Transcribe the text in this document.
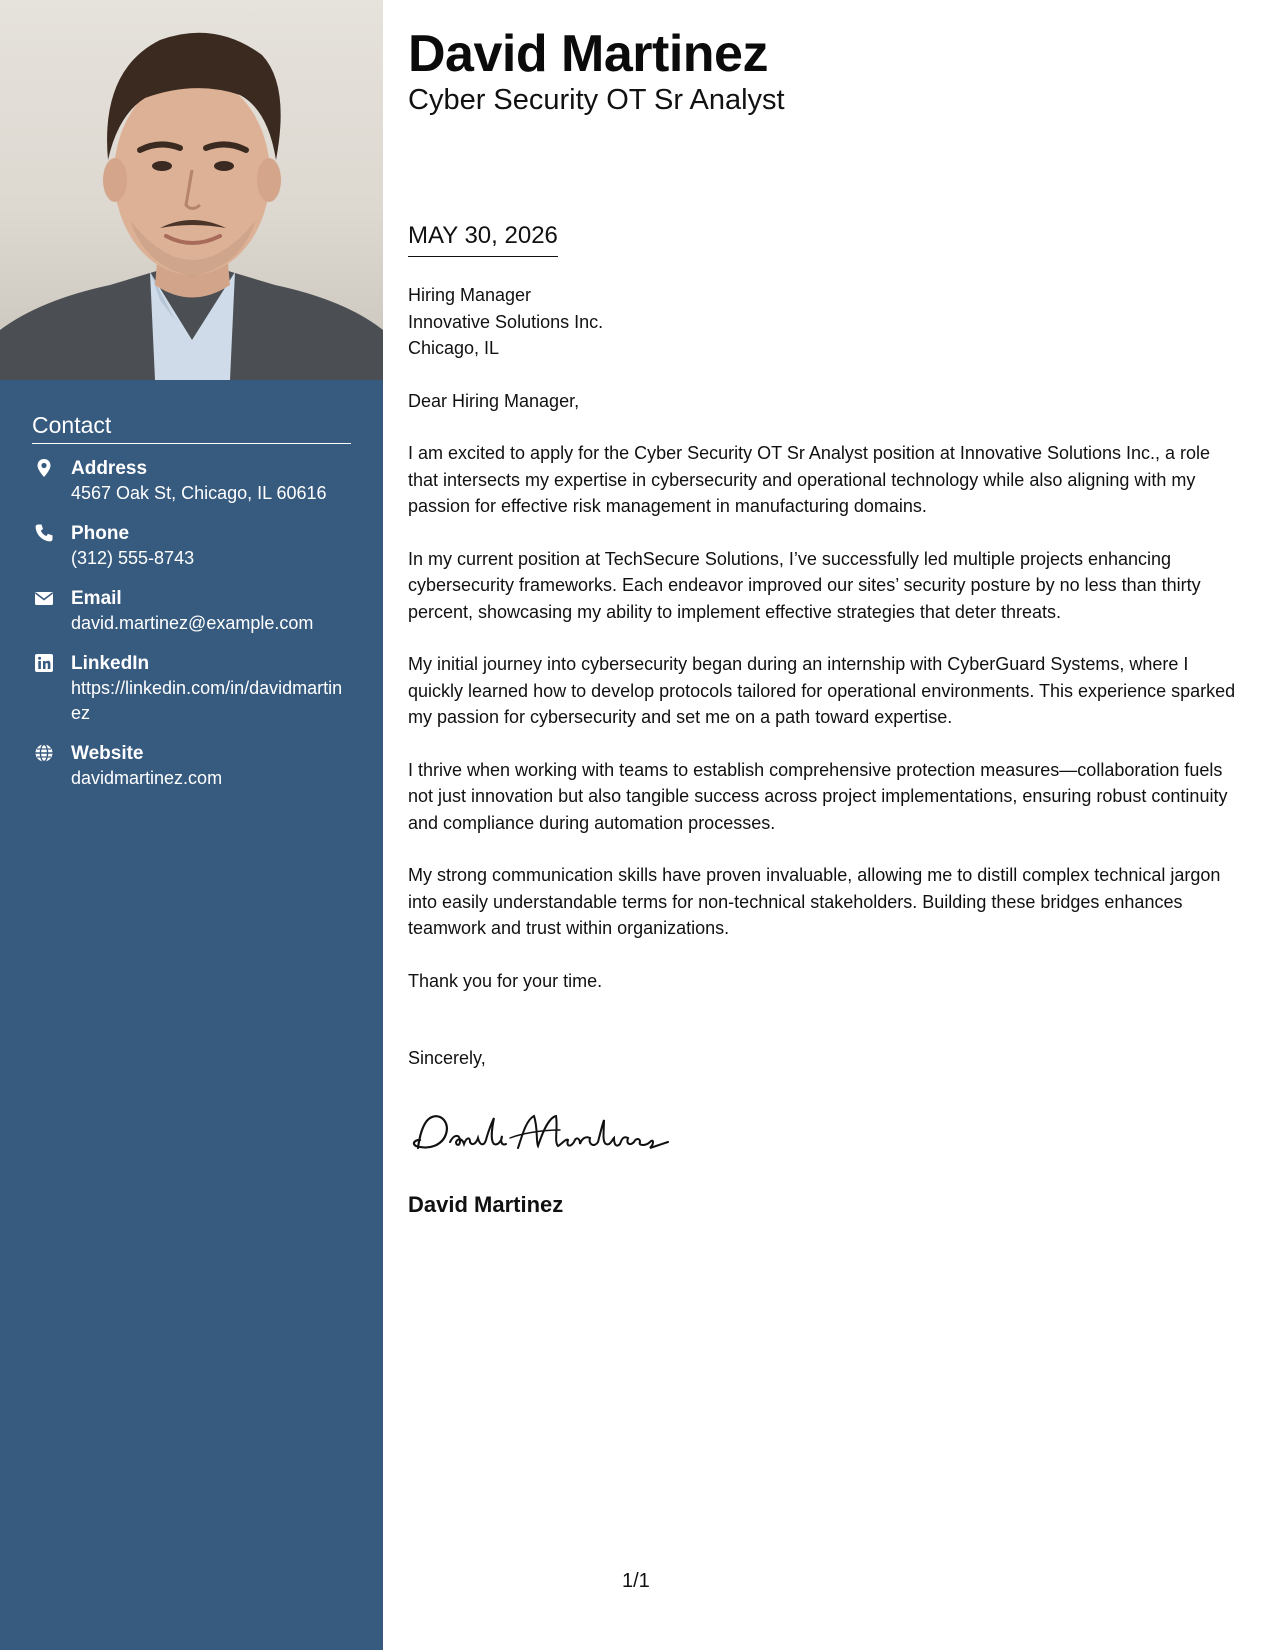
Contact
Address
4567 Oak St, Chicago, IL 60616
Phone
(312) 555-8743
Email
david.martinez@example.com
LinkedIn
https://linkedin.com/in/davidmartinez
Website
davidmartinez.com
David Martinez
Cyber Security OT Sr Analyst
MAY 30, 2026
Hiring Manager
Innovative Solutions Inc.
Chicago, IL
Dear Hiring Manager,
I am excited to apply for the Cyber Security OT Sr Analyst position at Innovative Solutions Inc., a role that intersects my expertise in cybersecurity and operational technology while also aligning with my passion for effective risk management in manufacturing domains.
In my current position at TechSecure Solutions, I’ve successfully led multiple projects enhancing cybersecurity frameworks. Each endeavor improved our sites’ security posture by no less than thirty percent, showcasing my ability to implement effective strategies that deter threats.
My initial journey into cybersecurity began during an internship with CyberGuard Systems, where I quickly learned how to develop protocols tailored for operational environments. This experience sparked my passion for cybersecurity and set me on a path toward expertise.
I thrive when working with teams to establish comprehensive protection measures—collaboration fuels not just innovation but also tangible success across project implementations, ensuring robust continuity and compliance during automation processes.
My strong communication skills have proven invaluable, allowing me to distill complex technical jargon into easily understandable terms for non-technical stakeholders. Building these bridges enhances teamwork and trust within organizations.
Thank you for your time.
Sincerely,
David Martinez
1/1
